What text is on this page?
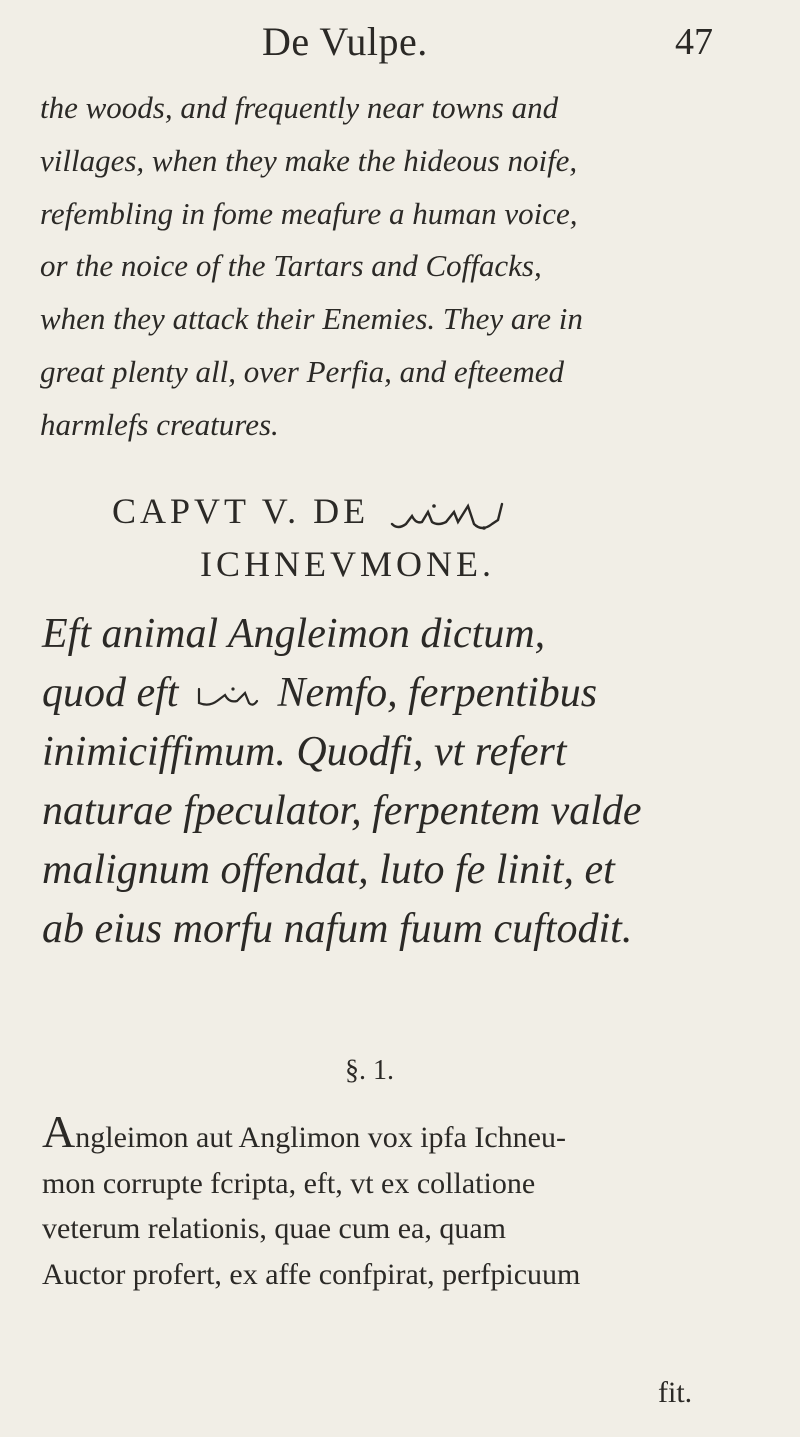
De Vulpe.	47
the woods, and frequently near towns and
villages, when they make the hideous noife,
refembling in fome meafure a human voice,
or the noice of the Tartars and Coffacks,
when they attack their Enemies. They are in
great plenty all, over Perfia, and efteemed
harmlefs creatures.
CAPVT V. DE
ICHNEVMONE.
Eft animal Angleimon dictum,
quod eft Nemfo, ferpentibus
inimiciffimum. Quodfi, vt refert
naturae fpeculator, ferpentem valde
malignum offendat, luto fe linit, et
ab eius morfu nafum fuum cuftodit.
§. 1.
Angleimon aut Anglimon vox ipfa Ichneu-
mon corrupte fcripta, eft, vt ex collatione
veterum relationis, quae cum ea, quam
Auctor profert, ex affe confpirat, perfpicuum
fit.
